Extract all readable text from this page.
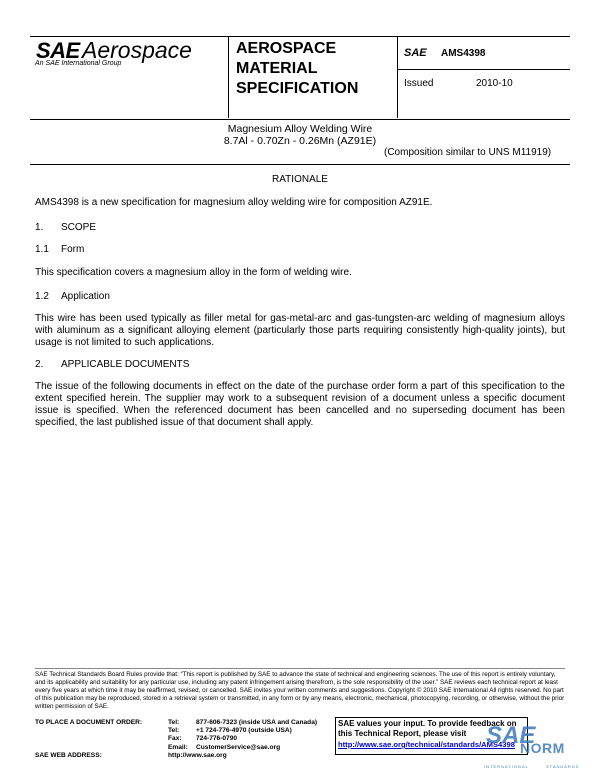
SAE Aerospace
An SAE International Group
AEROSPACE
MATERIAL
SPECIFICATION
SAE AMS4398
Issued	2010-10
Magnesium Alloy Welding Wire
8.7Al - 0.70Zn - 0.26Mn (AZ91E)
(Composition similar to UNS M11919)
RATIONALE
AMS4398 is a new specification for magnesium alloy welding wire for composition AZ91E.
1. SCOPE
1.1 Form
This specification covers a magnesium alloy in the form of welding wire.
1.2 Application
This wire has been used typically as filler metal for gas-metal-arc and gas-tungsten-arc welding of magnesium alloys with aluminum as a significant alloying element (particularly those parts requiring consistently high-quality joints), but usage is not limited to such applications.
2. APPLICABLE DOCUMENTS
The issue of the following documents in effect on the date of the purchase order form a part of this specification to the extent specified herein. The supplier may work to a subsequent revision of a document unless a specific document issue is specified. When the referenced document has been cancelled and no superseding document has been specified, the last published issue of that document shall apply.
SAE Technical Standards Board Rules provide that: “This report is published by SAE to advance the state of technical and engineering sciences. The use of this report is entirely voluntary, and its applicability and suitability for any particular use, including any patent infringement arising therefrom, is the sole responsibility of the user.” SAE reviews each technical report at least every five years at which time it may be reaffirmed, revised, or cancelled. SAE invites your written comments and suggestions. Copyright © 2010 SAE International All rights reserved. No part of this publication may be reproduced, stored in a retrieval system or transmitted, in any form or by any means, electronic, mechanical, photocopying, recording, or otherwise, without the prior written permission of SAE.
TO PLACE A DOCUMENT ORDER:	Tel:	877-606-7323 (inside USA and Canada)
Tel:	+1 724-776-4970 (outside USA)
Fax: 724-776-0790
Email: CustomerService@sae.org
SAE WEB ADDRESS:	http://www.sae.org
SAE values your input. To provide feedback on this Technical Report, please visit
http://www.sae.org/technical/standards/AMS4398
SAE
NORM
INTERNATIONAL	STANDARDS
